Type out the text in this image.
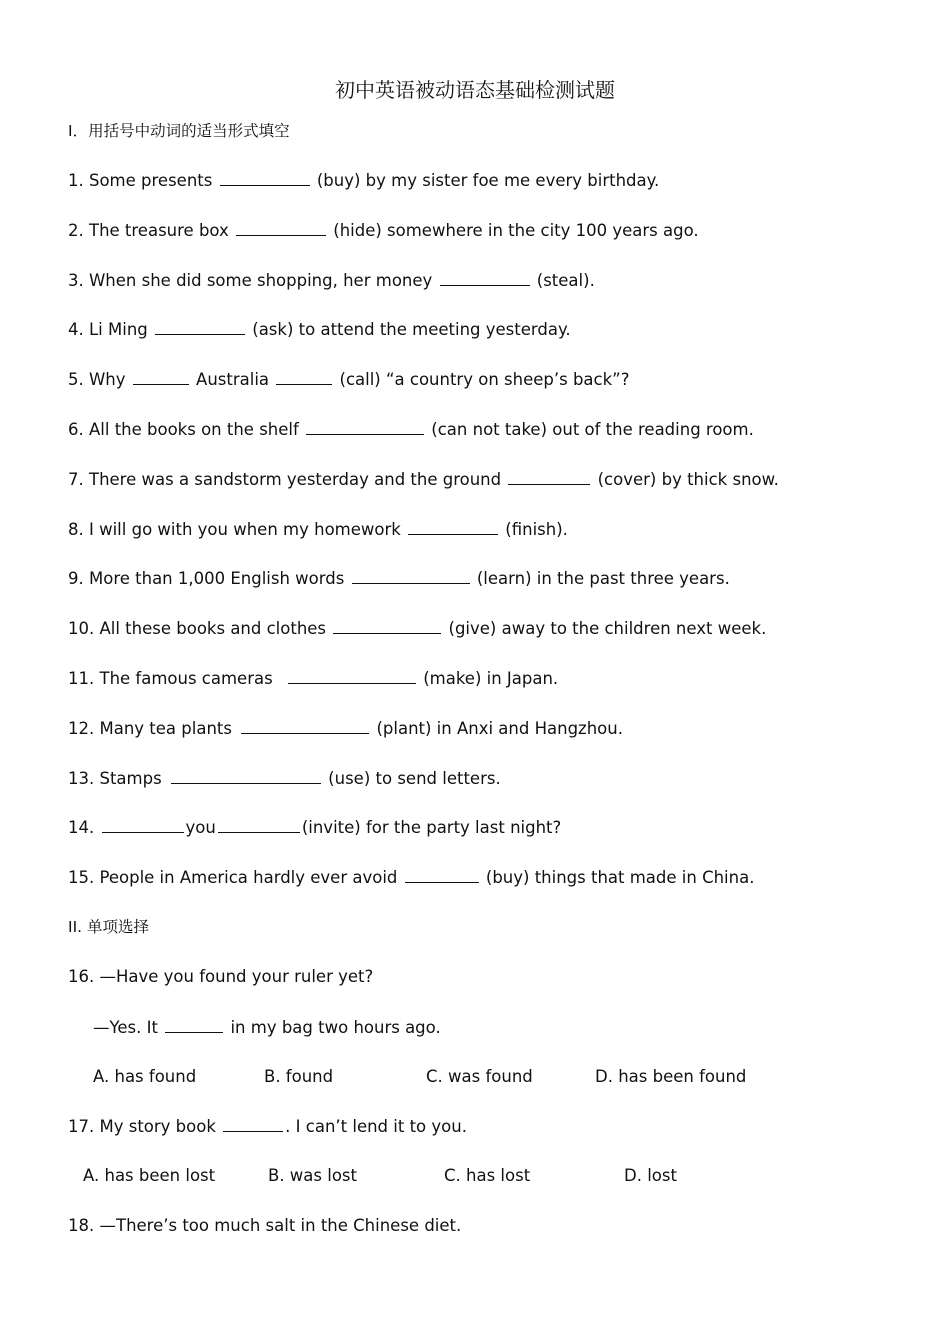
初中英语被动语态基础检测试题
I．用括号中动词的适当形式填空
1. Some presents	(buy) by my sister foe me every birthday.
2. The treasure box	(hide) somewhere in the city 100 years ago.
3. When she did some shopping, her money	(steal).
4. Li Ming	(ask) to attend the meeting yesterday.
5. Why	Australia	(call) “a country on sheep’s back”?
6. All the books on the shelf	(can not take) out of the reading room.
7. There was a sandstorm yesterday and the ground	(cover) by thick snow.
8. I will go with you when my homework	(finish).
9. More than 1,000 English words	(learn) in the past three years.
10. All these books and clothes	(give) away to the children next week.
11. The famous cameras	(make) in Japan.
12. Many tea plants	(plant) in Anxi and Hangzhou.
13. Stamps	(use) to send letters.
14.	you	(invite) for the party last night?
15. People in America hardly ever avoid	(buy) things that made in China.
II. 单项选择
16. —Have you found your ruler yet?
—Yes. It	in my bag two hours ago.
A. has found	B. found	C. was found	D. has been found
17. My story book	. I can’t lend it to you.
A. has been lost	B. was lost	C. has lost	D. lost
18. —There’s too much salt in the Chinese diet.
